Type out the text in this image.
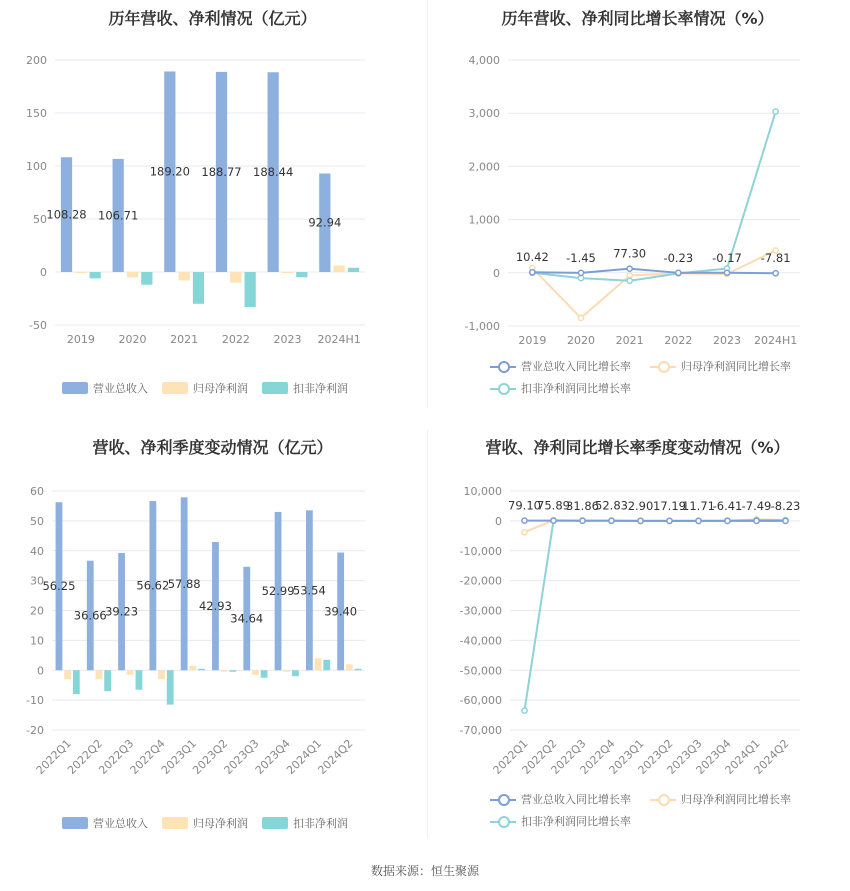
历年营收、净利情况（亿元）
-50
0
50
100
150
200
2019 2020 2021 2022 2023 2024H1
108.28 106.71
189.20 188.77 188.44
92.94
营业总收入	归母净利润	扣非净利润
历年营收、净利同比增长率情况（%）
-1,000
0
1,000
2,000
3,000
4,000
2019 2020 2021 2022 2023 2024H1
10.42 -1.45 77.30 -0.23 -0.17 -7.81
营业总收入同比增长率	归母净利润同比增长率
扣非净利润同比增长率
营收、净利季度变动情况（亿元）
-20
-10
0
10
20
30
40
50
60
2022Q1
2022Q2
2022Q3
2022Q4
2023Q1
2023Q2
2023Q3
2023Q4
2024Q1
2024Q2
56.25
36.66
39.23
56.62
57.88
42.93
34.64
52.99
53.54
39.40
营业总收入	归母净利润	扣非净利润
营收、净利同比增长率季度变动情况（%）
-70,000
-60,000
-50,000
-40,000
-30,000
-20,000
-10,000
0
10,000
2022Q1
2022Q2
2022Q3
2022Q4
2023Q1
2023Q2
2023Q3
2023Q4
2024Q1
2024Q2
79.10
75.89
31.86
52.83 2.90 17.19
11.71
-6.41 -7.49 -8.23
营业总收入同比增长率	归母净利润同比增长率
扣非净利润同比增长率
数据来源：恒生聚源
